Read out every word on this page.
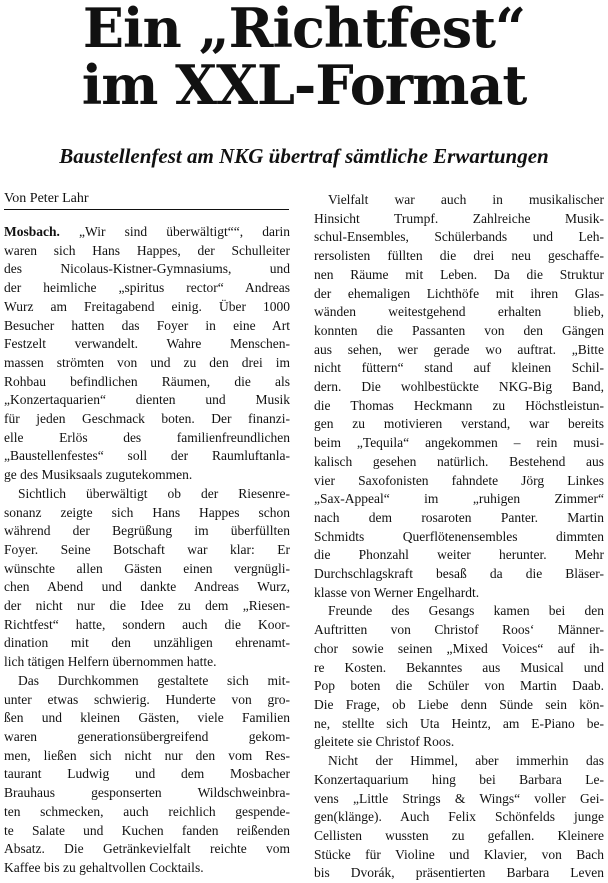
Ein „Richtfest“
im XXL-Format
Baustellenfest am NKG übertraf sämtliche Erwartungen
Von Peter Lahr
Mosbach. „Wir sind überwältigt““, darin
waren sich Hans Happes, der Schulleiter
des Nicolaus-Kistner-Gymnasiums, und
der heimliche „spiritus rector“ Andreas
Wurz am Freitagabend einig. Über 1000
Besucher hatten das Foyer in eine Art
Festzelt verwandelt. Wahre Menschen-
massen strömten von und zu den drei im
Rohbau befindlichen Räumen, die als
„Konzertaquarien“ dienten und Musik
für jeden Geschmack boten. Der finanzi-
elle Erlös des familienfreundlichen
„Baustellenfestes“ soll der Raumluftanla-
ge des Musiksaals zugutekommen.
Sichtlich überwältigt ob der Riesenre-
sonanz zeigte sich Hans Happes schon
während der Begrüßung im überfüllten
Foyer. Seine Botschaft war klar: Er
wünschte allen Gästen einen vergnügli-
chen Abend und dankte Andreas Wurz,
der nicht nur die Idee zu dem „Riesen-
Richtfest“ hatte, sondern auch die Koor-
dination mit den unzähligen ehrenamt-
lich tätigen Helfern übernommen hatte.
Das Durchkommen gestaltete sich mit-
unter etwas schwierig. Hunderte von gro-
ßen und kleinen Gästen, viele Familien
waren generationsübergreifend gekom-
men, ließen sich nicht nur den vom Res-
taurant Ludwig und dem Mosbacher
Brauhaus gesponserten Wildschweinbra-
ten schmecken, auch reichlich gespende-
te Salate und Kuchen fanden reißenden
Absatz. Die Getränkevielfalt reichte vom
Kaffee bis zu gehaltvollen Cocktails.
Vielfalt war auch in musikalischer
Hinsicht Trumpf. Zahlreiche Musik-
schul-Ensembles, Schülerbands und Leh-
rersolisten füllten die drei neu geschaffe-
nen Räume mit Leben. Da die Struktur
der ehemaligen Lichthöfe mit ihren Glas-
wänden weitestgehend erhalten blieb,
konnten die Passanten von den Gängen
aus sehen, wer gerade wo auftrat. „Bitte
nicht füttern“ stand auf kleinen Schil-
dern. Die wohlbestückte NKG-Big Band,
die Thomas Heckmann zu Höchstleistun-
gen zu motivieren verstand, war bereits
beim „Tequila“ angekommen – rein musi-
kalisch gesehen natürlich. Bestehend aus
vier Saxofonisten fahndete Jörg Linkes
„Sax-Appeal“ im „ruhigen Zimmer“
nach dem rosaroten Panter. Martin
Schmidts Querflötenensembles dimmten
die Phonzahl weiter herunter. Mehr
Durchschlagskraft besaß da die Bläser-
klasse von Werner Engelhardt.
Freunde des Gesangs kamen bei den
Auftritten von Christof Roos‘ Männer-
chor sowie seinen „Mixed Voices“ auf ih-
re Kosten. Bekanntes aus Musical und
Pop boten die Schüler von Martin Daab.
Die Frage, ob Liebe denn Sünde sein kön-
ne, stellte sich Uta Heintz, am E-Piano be-
gleitete sie Christof Roos.
Nicht der Himmel, aber immerhin das
Konzertaquarium hing bei Barbara Le-
vens „Little Strings & Wings“ voller Gei-
gen(klänge). Auch Felix Schönfelds junge
Cellisten wussten zu gefallen. Kleinere
Stücke für Violine und Klavier, von Bach
bis Dvorák, präsentierten Barbara Leven
